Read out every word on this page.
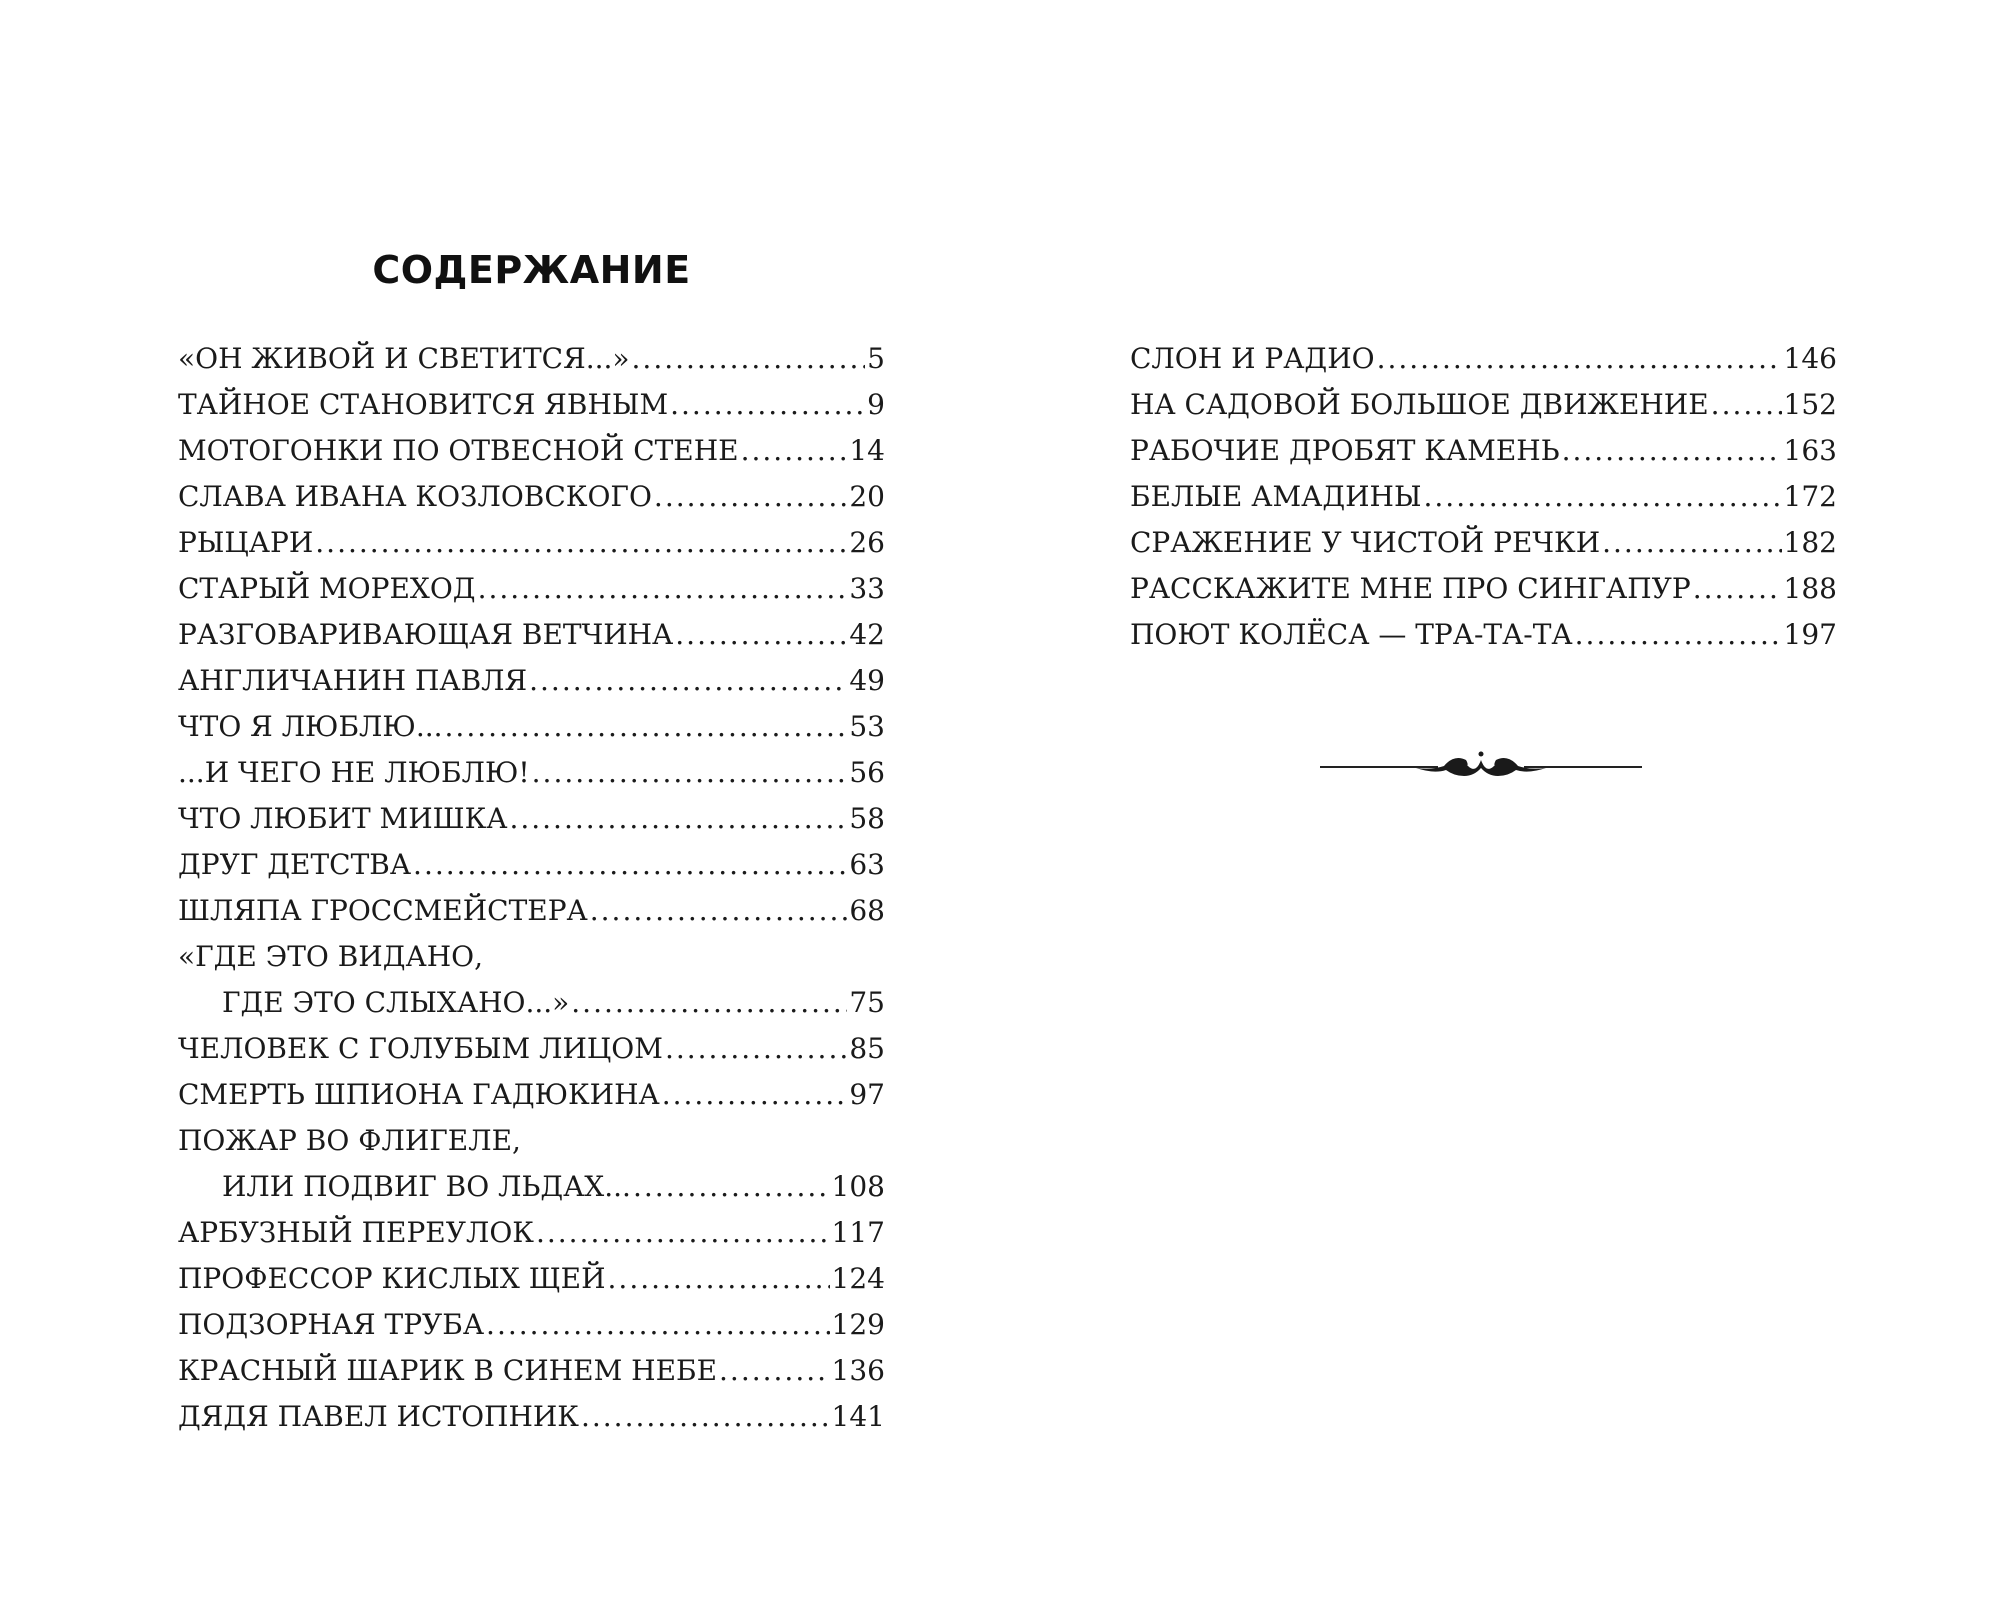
СОДЕРЖАНИЕ
«ОН ЖИВОЙ И СВЕТИТСЯ...» .....	5
ТАЙНОЕ СТАНОВИТСЯ ЯВНЫМ .....	9
МОТОГОНКИ ПО ОТВЕСНОЙ СТЕНЕ .....	14
СЛАВА ИВАНА КОЗЛОВСКОГО .....	20
РЫЦАРИ .....	26
СТАРЫЙ МОРЕХОД .....	33
РАЗГОВАРИВАЮЩАЯ ВЕТЧИНА .....	42
АНГЛИЧАНИН ПАВЛЯ .....	49
ЧТО Я ЛЮБЛЮ... .....	53
...И ЧЕГО НЕ ЛЮБЛЮ! .....	56
ЧТО ЛЮБИТ МИШКА .....	58
ДРУГ ДЕТСТВА .....	63
ШЛЯПА ГРОССМЕЙСТЕРА .....	68
«ГДЕ ЭТО ВИДАНО,
ГДЕ ЭТО СЛЫХАНО...» .....	75
ЧЕЛОВЕК С ГОЛУБЫМ ЛИЦОМ .....	85
СМЕРТЬ ШПИОНА ГАДЮКИНА .....	97
ПОЖАР ВО ФЛИГЕЛЕ,
ИЛИ ПОДВИГ ВО ЛЬДАХ... .....	108
АРБУЗНЫЙ ПЕРЕУЛОК .....	117
ПРОФЕССОР КИСЛЫХ ЩЕЙ .....	124
ПОДЗОРНАЯ ТРУБА .....	129
КРАСНЫЙ ШАРИК В СИНЕМ НЕБЕ .....	136
ДЯДЯ ПАВЕЛ ИСТОПНИК .....	141
СЛОН И РАДИО .....	146
НА САДОВОЙ БОЛЬШОЕ ДВИЖЕНИЕ .....	152
РАБОЧИЕ ДРОБЯТ КАМЕНЬ .....	163
БЕЛЫЕ АМАДИНЫ .....	172
СРАЖЕНИЕ У ЧИСТОЙ РЕЧКИ .....	182
РАССКАЖИТЕ МНЕ ПРО СИНГАПУР .....	188
ПОЮТ КОЛЁСА — ТРА-ТА-ТА .....	197
